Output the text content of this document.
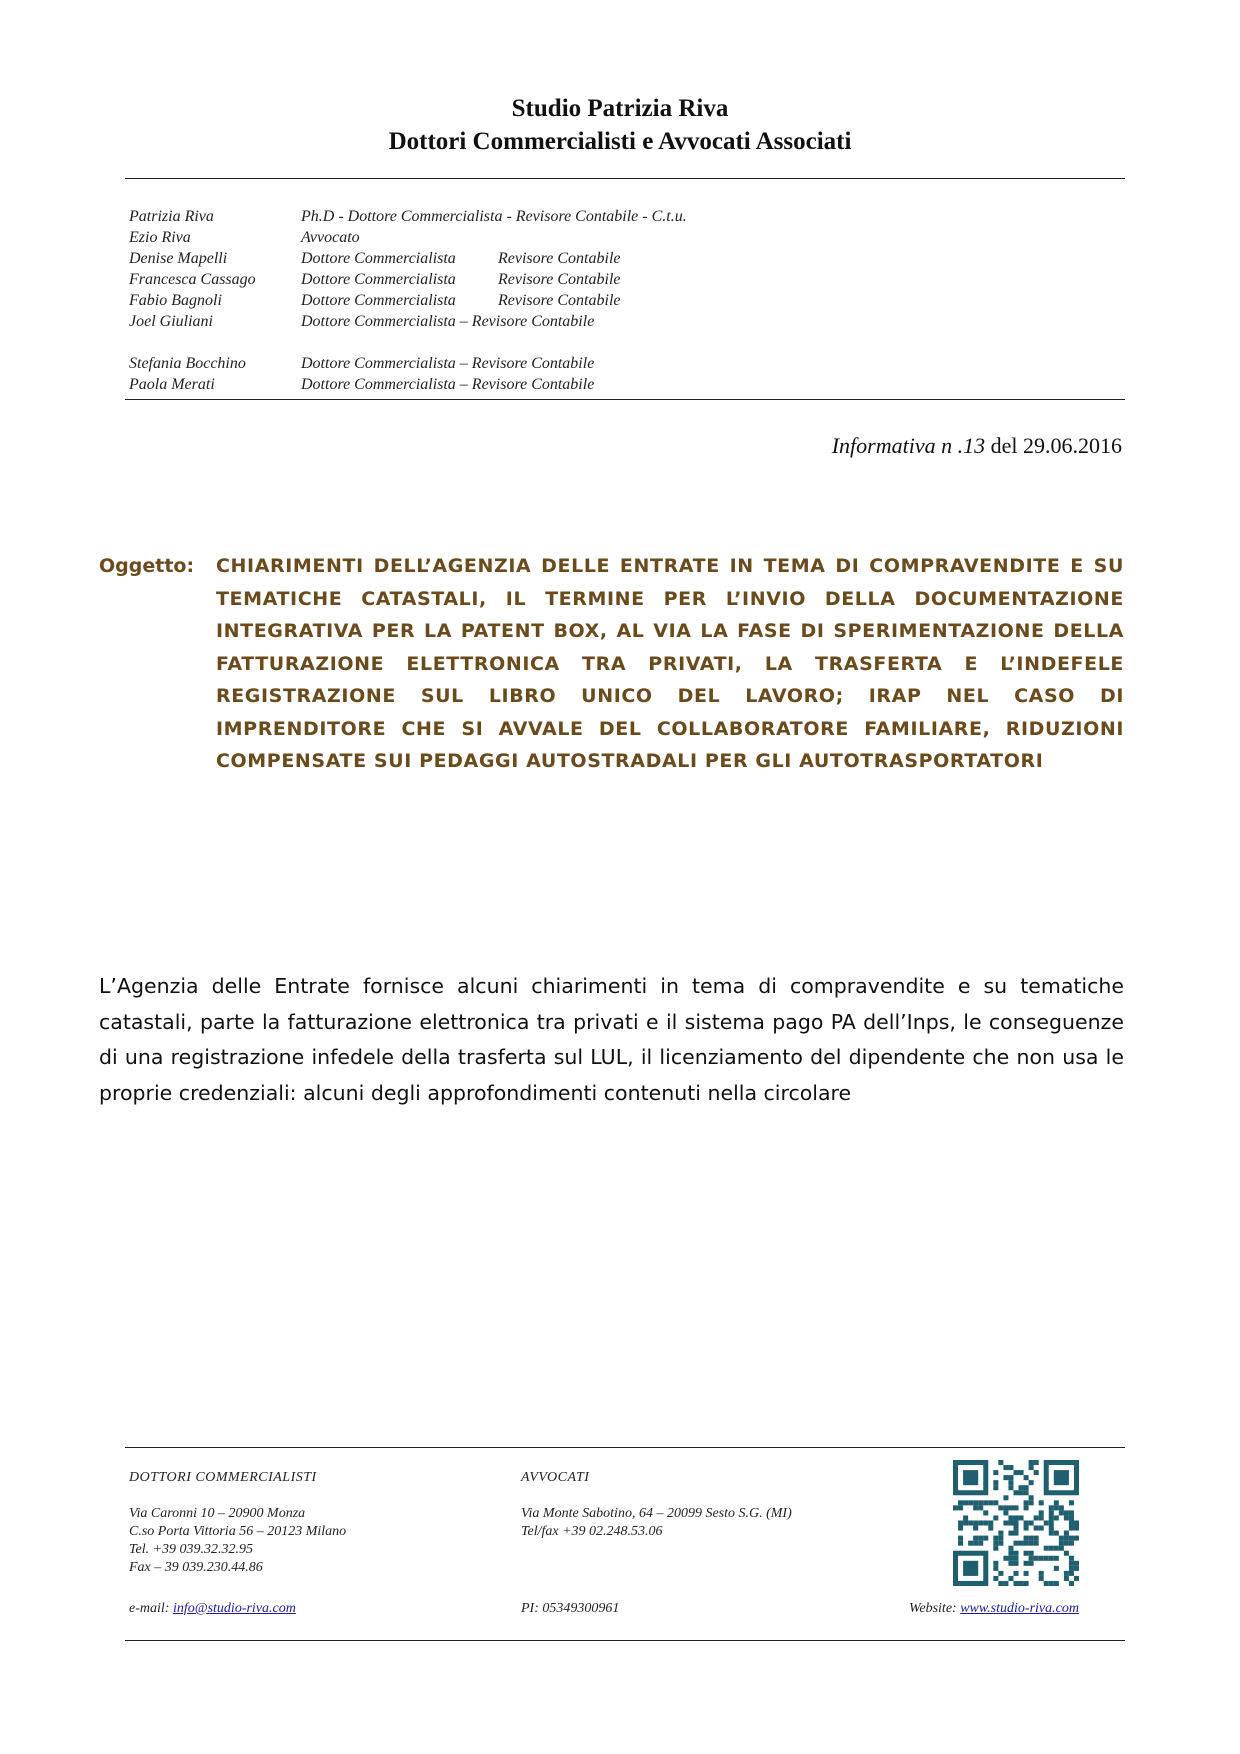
Studio Patrizia Riva
Dottori Commercialisti e Avvocati Associati
Patrizia Riva	Ph.D - Dottore Commercialista - Revisore Contabile - C.t.u.
Ezio Riva	Avvocato
Denise Mapelli	Dottore Commercialista	Revisore Contabile
Francesca Cassago	Dottore Commercialista	Revisore Contabile
Fabio Bagnoli	Dottore Commercialista	Revisore Contabile
Joel Giuliani	Dottore Commercialista – Revisore Contabile
Stefania Bocchino	Dottore Commercialista – Revisore Contabile
Paola Merati	Dottore Commercialista – Revisore Contabile
Informativa n .13 del 29.06.2016
Oggetto: CHIARIMENTI DELL’AGENZIA DELLE ENTRATE IN TEMA DI COMPRAVENDITE E SU TEMATICHE CATASTALI, IL TERMINE PER L’INVIO DELLA DOCUMENTAZIONE INTEGRATIVA PER LA PATENT BOX, AL VIA LA FASE DI SPERIMENTAZIONE DELLA FATTURAZIONE ELETTRONICA TRA PRIVATI, LA TRASFERTA E L’INDEFELE REGISTRAZIONE SUL LIBRO UNICO DEL LAVORO; IRAP NEL CASO DI IMPRENDITORE CHE SI AVVALE DEL COLLABORATORE FAMILIARE, RIDUZIONI COMPENSATE SUI PEDAGGI AUTOSTRADALI PER GLI AUTOTRASPORTATORI
L’Agenzia delle Entrate fornisce alcuni chiarimenti in tema di compravendite e su tematiche catastali, parte la fatturazione elettronica tra privati e il sistema pago PA dell’Inps, le conseguenze di una registrazione infedele della trasferta sul LUL, il licenziamento del dipendente che non usa le proprie credenziali: alcuni degli approfondimenti contenuti nella circolare
DOTTORI COMMERCIALISTI
Via Caronni 10 – 20900 Monza
C.so Porta Vittoria 56 – 20123 Milano
Tel. +39 039.32.32.95
Fax – 39 039.230.44.86
AVVOCATI
Via Monte Sabotino, 64 – 20099 Sesto S.G. (MI)
Tel/fax +39 02.248.53.06
e-mail: info@studio-riva.com	PI: 05349300961	Website: www.studio-riva.com
